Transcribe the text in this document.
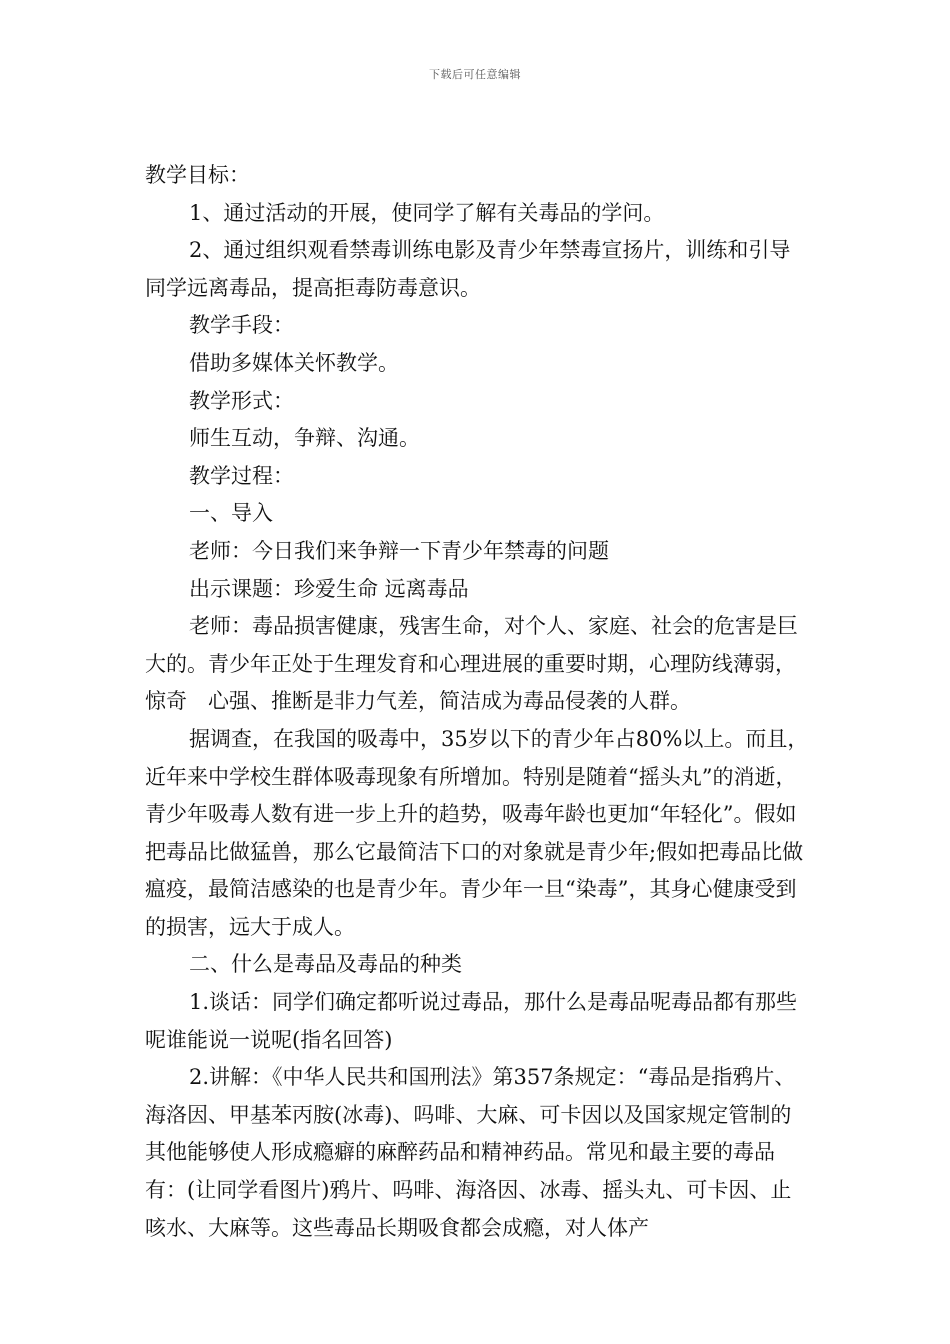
下载后可任意编辑

教学目标：

1、通过活动的开展，使同学了解有关毒品的学问。

2、通过组织观看禁毒训练电影及青少年禁毒宣扬片，训练和引导同学远离毒品，提高拒毒防毒意识。

教学手段：

借助多媒体关怀教学。

教学形式：

师生互动，争辩、沟通。

教学过程：

一、导入

老师：今日我们来争辩一下青少年禁毒的问题

出示课题：珍爱生命 远离毒品

老师：毒品损害健康，残害生命，对个人、家庭、社会的危害是巨大的。青少年正处于生理发育和心理进展的重要时期，心理防线薄弱，惊奇　心强、推断是非力气差，简洁成为毒品侵袭的人群。

据调查，在我国的吸毒中，35岁以下的青少年占80%以上。而且，近年来中学校生群体吸毒现象有所增加。特别是随着“摇头丸”的消逝，青少年吸毒人数有进一步上升的趋势，吸毒年龄也更加“年轻化”。假如把毒品比做猛兽，那么它最简洁下口的对象就是青少年;假如把毒品比做瘟疫，最简洁感染的也是青少年。青少年一旦“染毒”，其身心健康受到的损害，远大于成人。

二、什么是毒品及毒品的种类

1.谈话：同学们确定都听说过毒品，那什么是毒品呢毒品都有那些呢谁能说一说呢(指名回答)

2.讲解：《中华人民共和国刑法》第357条规定：“毒品是指鸦片、海洛因、甲基苯丙胺(冰毒)、吗啡、大麻、可卡因以及国家规定管制的其他能够使人形成瘾癖的麻醉药品和精神药品。常见和最主要的毒品有：(让同学看图片)鸦片、吗啡、海洛因、冰毒、摇头丸、可卡因、止咳水、大麻等。这些毒品长期吸食都会成瘾，对人体产
